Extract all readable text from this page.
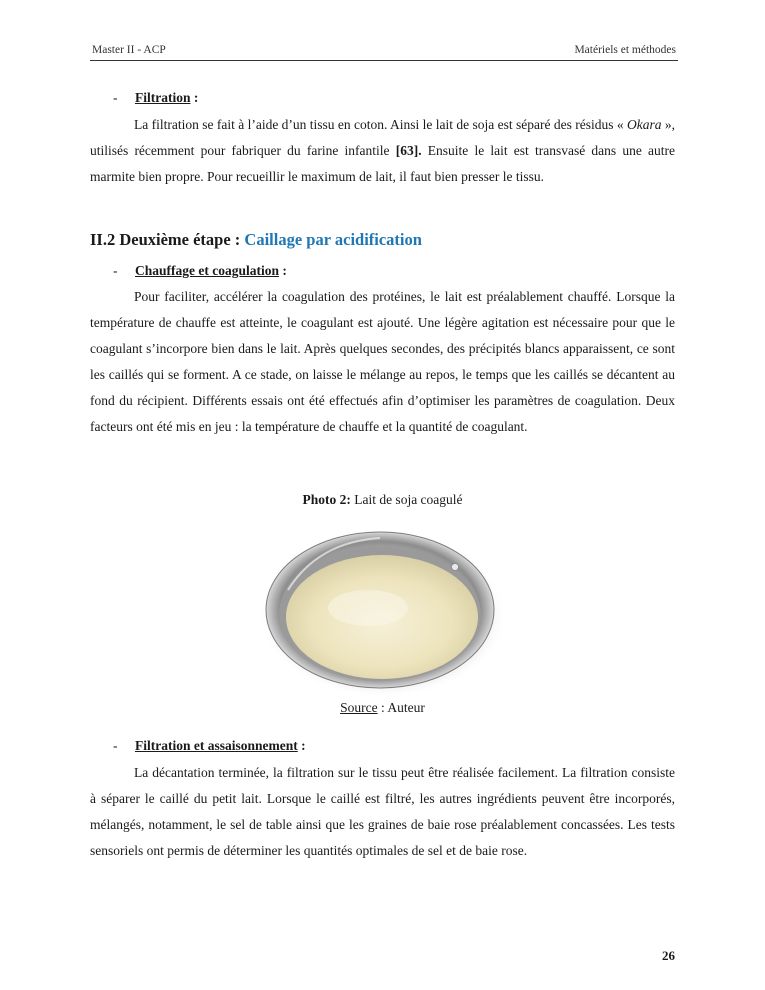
Master II - ACP	Matériels et méthodes
- Filtration :

La filtration se fait à l’aide d’un tissu en coton. Ainsi le lait de soja est séparé des résidus « Okara », utilisés récemment pour fabriquer du farine infantile [63]. Ensuite le lait est transvasé dans une autre marmite bien propre. Pour recueillir le maximum de lait, il faut bien presser le tissu.

II.2 Deuxième étape : Caillage par acidification
- Chauffage et coagulation :

Pour faciliter, accélérer la coagulation des protéines, le lait est préalablement chauffé. Lorsque la température de chauffe est atteinte, le coagulant est ajouté. Une légère agitation est nécessaire pour que le coagulant s’incorpore bien dans le lait. Après quelques secondes, des précipités blancs apparaissent, ce sont les caillés qui se forment. A ce stade, on laisse le mélange au repos, le temps que les caillés se décantent au fond du récipient. Différents essais ont été effectués afin d’optimiser les paramètres de coagulation. Deux facteurs ont été mis en jeu : la température de chauffe et la quantité de coagulant.

Photo 2: Lait de soja coagulé
Source : Auteur
- Filtration et assaisonnement :

La décantation terminée, la filtration sur le tissu peut être réalisée facilement. La filtration consiste à séparer le caillé du petit lait. Lorsque le caillé est filtré, les autres ingrédients peuvent être incorporés, mélangés, notamment, le sel de table ainsi que les graines de baie rose préalablement concassées. Les tests sensoriels ont permis de déterminer les quantités optimales de sel et de baie rose.

26
